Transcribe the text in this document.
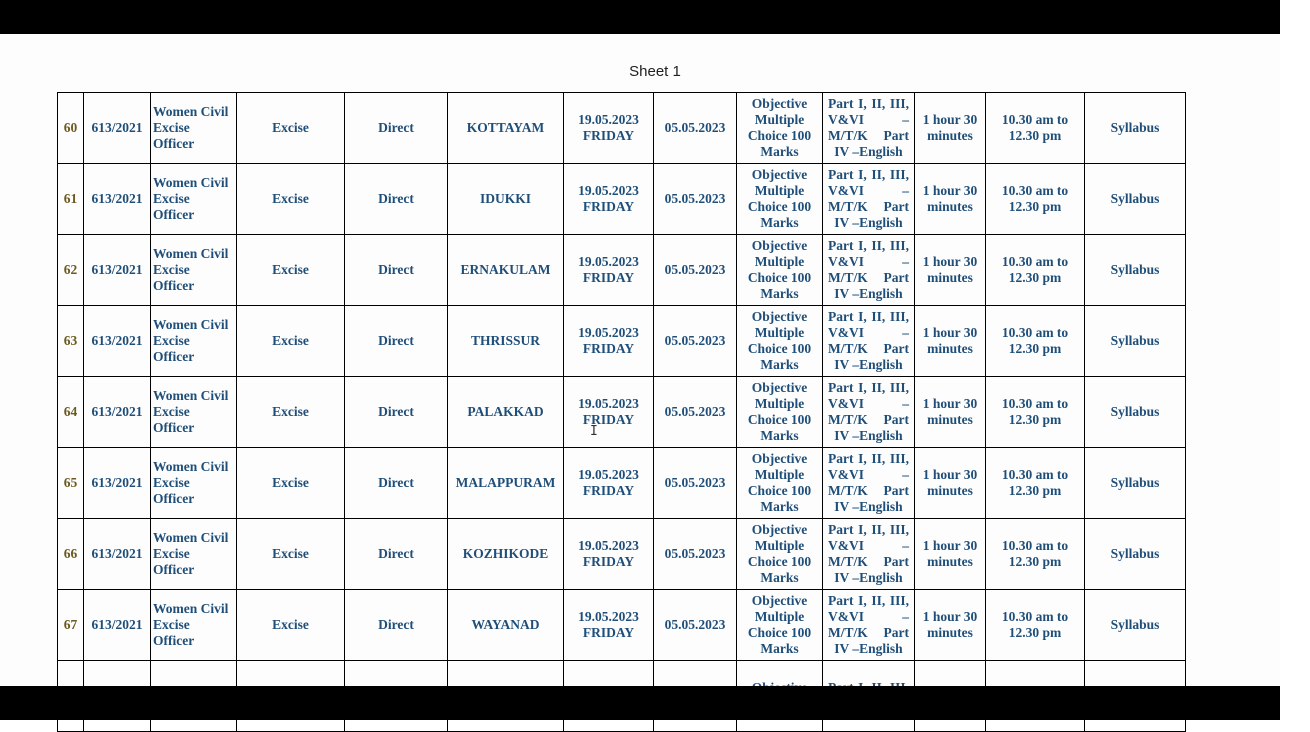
Sheet 1
60	613/2021	Women Civil Excise Officer	Excise	Direct	KOTTAYAM	19.05.2023 FRIDAY	05.05.2023	Objective Multiple Choice 100 Marks	Part I, II, III, V&VI – M/T/K Part IV –English	1 hour 30 minutes	10.30 am to 12.30 pm	Syllabus
61	613/2021	Women Civil Excise Officer	Excise	Direct	IDUKKI	19.05.2023 FRIDAY	05.05.2023	Objective Multiple Choice 100 Marks	Part I, II, III, V&VI – M/T/K Part IV –English	1 hour 30 minutes	10.30 am to 12.30 pm	Syllabus
62	613/2021	Women Civil Excise Officer	Excise	Direct	ERNAKULAM	19.05.2023 FRIDAY	05.05.2023	Objective Multiple Choice 100 Marks	Part I, II, III, V&VI – M/T/K Part IV –English	1 hour 30 minutes	10.30 am to 12.30 pm	Syllabus
63	613/2021	Women Civil Excise Officer	Excise	Direct	THRISSUR	19.05.2023 FRIDAY	05.05.2023	Objective Multiple Choice 100 Marks	Part I, II, III, V&VI – M/T/K Part IV –English	1 hour 30 minutes	10.30 am to 12.30 pm	Syllabus
64	613/2021	Women Civil Excise Officer	Excise	Direct	PALAKKAD	19.05.2023 FRIDAY	05.05.2023	Objective Multiple Choice 100 Marks	Part I, II, III, V&VI – M/T/K Part IV –English	1 hour 30 minutes	10.30 am to 12.30 pm	Syllabus
65	613/2021	Women Civil Excise Officer	Excise	Direct	MALAPPURAM	19.05.2023 FRIDAY	05.05.2023	Objective Multiple Choice 100 Marks	Part I, II, III, V&VI – M/T/K Part IV –English	1 hour 30 minutes	10.30 am to 12.30 pm	Syllabus
66	613/2021	Women Civil Excise Officer	Excise	Direct	KOZHIKODE	19.05.2023 FRIDAY	05.05.2023	Objective Multiple Choice 100 Marks	Part I, II, III, V&VI – M/T/K Part IV –English	1 hour 30 minutes	10.30 am to 12.30 pm	Syllabus
67	613/2021	Women Civil Excise Officer	Excise	Direct	WAYANAD	19.05.2023 FRIDAY	05.05.2023	Objective Multiple Choice 100 Marks	Part I, II, III, V&VI – M/T/K Part IV –English	1 hour 30 minutes	10.30 am to 12.30 pm	Syllabus

I
